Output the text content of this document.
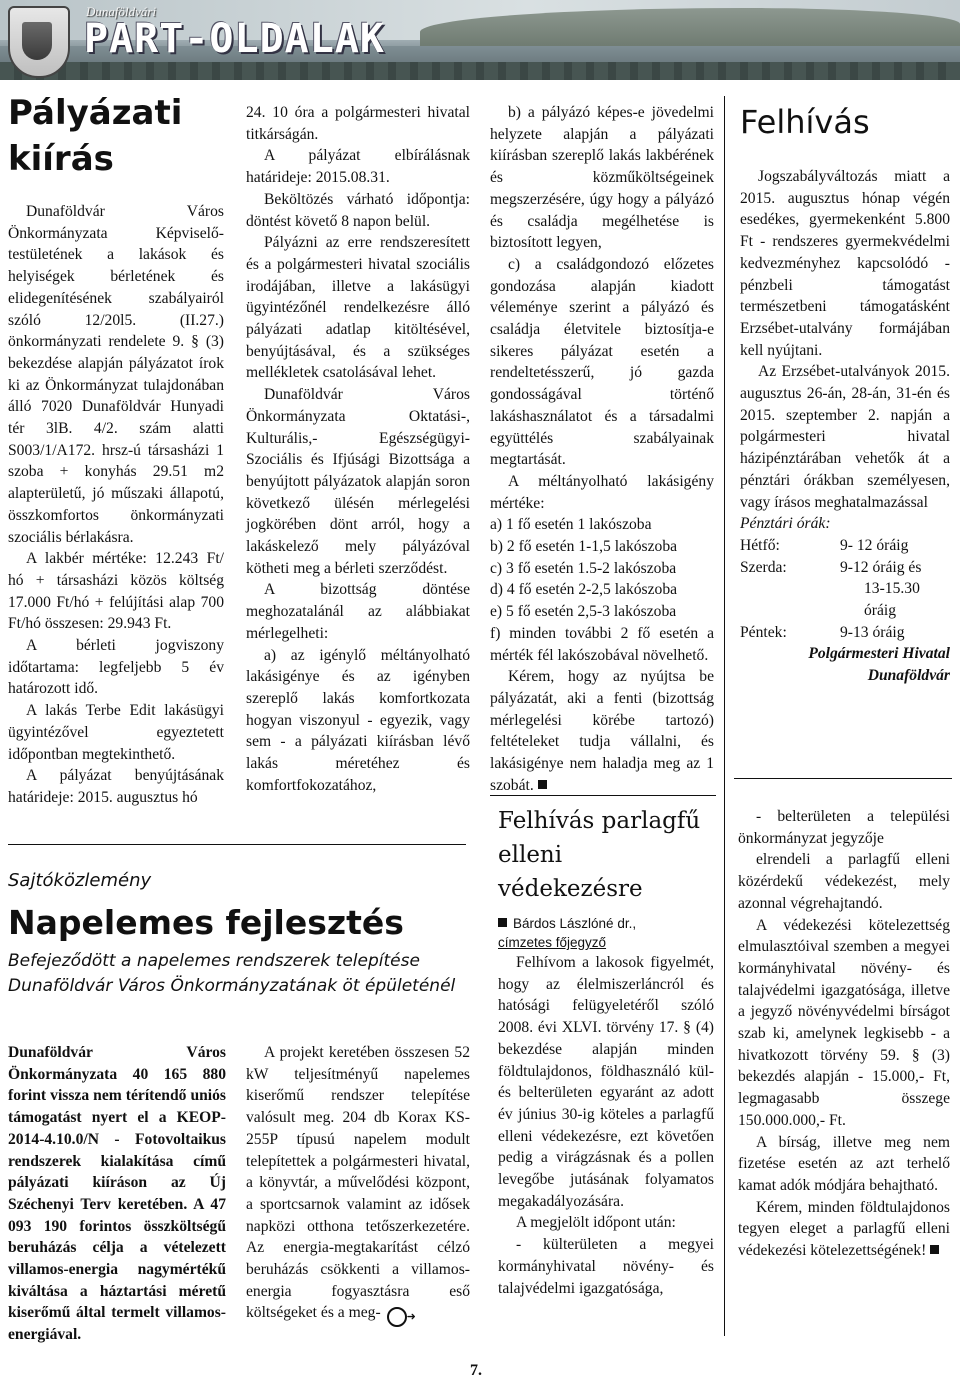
Dunaföldvári
PART-OLDALAK
Pályázati
kiírás

Dunaföldvár Város Önkormányzata Képviselő-testületének a lakások és helyiségek bérletének és elidegenítésének szabályairól szóló 12/20l5. (II.27.) önkormányzati rendelete 9. § (3) bekezdése alapján pályázatot írok ki az Önkormányzat tulajdonában álló 7020 Dunaföldvár Hunyadi tér 3lB. 4/2. szám alatti S003/1/A172. hrsz-ú társasházi 1 szoba + konyhás 29.51 m2 alapterületű, jó műszaki állapotú, összkomfortos önkormányzati szociális bérlakásra.

A lakbér mértéke: 12.243 Ft/ hó + társasházi közös költség 17.000 Ft/hó + felújítási alap 700 Ft/hó összesen: 29.943 Ft.

A bérleti jogviszony időtartama: legfeljebb 5 év határozott idő.

A lakás Terbe Edit lakásügyi ügyintézővel egyeztetett időpontban megtekinthető.

A pályázat benyújtásának határideje: 2015. augusztus hó

24. 10 óra a polgármesteri hivatal titkárságán.

A pályázat elbírálásnak határideje: 2015.08.31.

Beköltözés várható időpontja: döntést követő 8 napon belül.

Pályázni az erre rendszeresített és a polgármesteri hivatal szociális irodájában, illetve a lakásügyi ügyintézőnél rendelkezésre álló pályázati adatlap kitöltésével, benyújtásával, és a szükséges mellékletek csatolásával lehet.

Dunaföldvár Város Önkormányzata Oktatási-, Kulturális,- Egészségügyi- Szociális és Ifjúsági Bizottsága a benyújtott pályázatok alapján soron következő ülésén mérlegelési jogkörében dönt arról, hogy a lakáskelező mely pályázóval kötheti meg a bérleti szerződést.

A bizottság döntése meghozatalánál az alábbiakat mérlegelheti:

a) az igénylő méltányolható lakásigénye és az igényben szereplő lakás komfortkozata hogyan viszonyul - egyezik, vagy sem - a pályázati kiírásban lévő lakás méretéhez és komfortfokozatához,

b) a pályázó képes-e jövedelmi helyzete alapján a pályázati kiírásban szereplő lakás lakbérének és közműköltségeinek megszerzésére, úgy hogy a pályázó és családja megélhetése is biztosított legyen,

c) a családgondozó előzetes gondozása alapján kiadott véleménye szerint a pályázó és családja életvitele biztosítja-e sikeres pályázat esetén a rendeltetésszerű, jó gazda gondosságával történő lakáshasználatot és a társadalmi együttélés szabályainak megtartását.

A méltányolható lakásigény mértéke:

a) 1 fő esetén 1 lakószoba

b) 2 fő esetén 1-1,5 lakószoba

c) 3 fő esetén 1.5-2 lakószoba

d) 4 fő esetén 2-2,5 lakószoba

e) 5 fő esetén 2,5-3 lakószoba

f) minden további 2 fő esetén a mérték fél lakószobával növelhető.

Kérem, hogy az nyújtsa be pályázatát, aki a fenti (bizottság mérlegelési körébe tartozó) feltételeket tudja vállalni, és lakásigénye nem haladja meg az 1 szobát.

Felhívás

Jogszabályváltozás miatt a 2015. augusztus hónap végén esedékes, gyermekenként 5.800 Ft - rendszeres gyermekvédelmi kedvezményhez kapcsolódó - pénzbeli támogatást természetbeni támogatásként Erzsébet-utalvány formájában kell nyújtani.

Az Erzsébet-utalványok 2015. augusztus 26-án, 28-án, 31-én és 2015. szeptember 2. napján a polgármesteri hivatal házipénztárában vehetők át a pénztári órákban személyesen, vagy írásos meghatalmazással

Pénztári órák:

Hétfő:	9- 12 óráig
Szerda:	9-12 óráig és
13-15.30 óráig
Péntek:	9-13 óráig

Polgármesteri Hivatal
Dunaföldvár

Felhívás parlagfű elleni védekezésre
Bárdos Lászlóné dr.,
címzetes főjegyző

Felhívom a lakosok figyelmét, hogy az élelmiszerláncról és hatósági felügyeletéről szóló 2008. évi XLVI. törvény 17. § (4) bekezdése alapján minden földtulajdonos, földhasználó kül- és belterületen egyaránt az adott év június 30-ig köteles a parlagfű elleni védekezésre, ezt követően pedig a virágzásnak és a pollen levegőbe jutásának folyamatos megakadályozására.

A megjelölt időpont után:

- külterületen a megyei kormányhivatal növény- és talajvédelmi igazgatósága,

- belterületen a települési önkormányzat jegyzője

elrendeli a parlagfű elleni közérdekű védekezést, mely azonnal végrehajtandó.

A védekezési kötelezettség elmulasztóival szemben a megyei kormányhivatal növény- és talajvédelmi igazgatósága, illetve a jegyző növényvédelmi bírságot szab ki, amelynek legkisebb - a hivatkozott törvény 59. § (3) bekezdés alapján - 15.000,- Ft, legmagasabb összege 150.000.000,- Ft.

A bírság, illetve meg nem fizetése esetén az azt terhelő kamat adók módjára behajtható.

Kérem, minden földtulajdonos tegyen eleget a parlagfű elleni védekezési kötelezettségének!

Sajtóközlemény

Napelemes fejlesztés

Befejeződött a napelemes rendszerek telepítése Dunaföldvár Város Önkormányzatának öt épületénél

Dunaföldvár Város Önkormányzata 40 165 880 forint vissza nem térítendő uniós támogatást nyert el a KEOP-2014-4.10.0/N - Fotovoltaikus rendszerek kialakítása című pályázati kiíráson az Új Széchenyi Terv keretében. A 47 093 190 forintos összköltségű beruházás célja a vételezett villamos-energia nagymértékű kiváltása a háztartási méretű kiserőmű által termelt villamos-energiával.

A projekt keretében összesen 52 kW teljesítményű napelemes kiserőmű rendszer telepítése valósult meg. 204 db Korax KS-255P típusú napelem modult telepítettek a polgármesteri hivatal, a könyvtár, a művelődési központ, a sportcsarnok valamint az idősek napközi otthona tetőszerkezetére. Az energia-megtakarítást célzó beruházás csökkenti a villamos-energia fogyasztásra eső költségeket és a meg- ➜

7.
